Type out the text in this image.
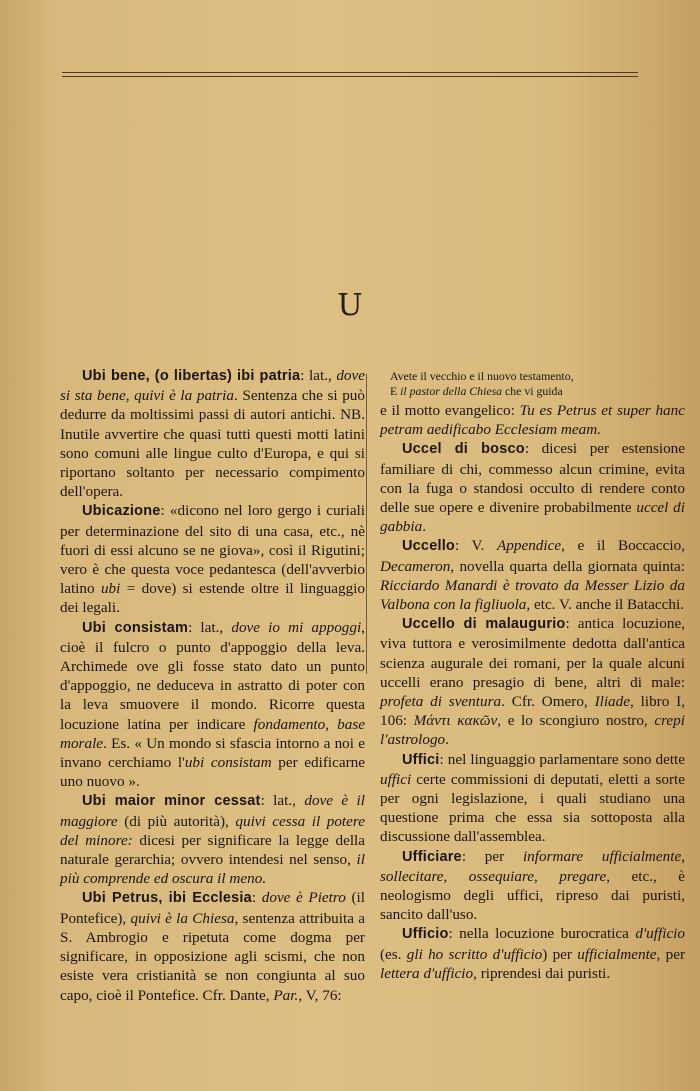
U

Ubi bene, (o libertas) ibi patria: lat., dove si sta bene, quivi è la patria. Sentenza che si può dedurre da moltissimi passi di autori antichi. NB. Inutile avvertire che quasi tutti questi motti latini sono comuni alle lingue culto d'Europa, e qui si riportano soltanto per necessario compimento dell'opera.

Ubicazione: «dicono nel loro gergo i curiali per determinazione del sito di una casa, etc., nè fuori di essi alcuno se ne giova», così il Rigutini; vero è che questa voce pedantesca (dell'avverbio latino ubi = dove) si estende oltre il linguaggio dei legali.

Ubi consistam: lat., dove io mi appoggi, cioè il fulcro o punto d'appoggio della leva. Archimede ove gli fosse stato dato un punto d'appoggio, ne deduceva in astratto di poter con la leva smuovere il mondo. Ricorre questa locuzione latina per indicare fondamento, base morale. Es. « Un mondo si sfascia intorno a noi e invano cerchiamo l'ubi consistam per edificarne uno nuovo ».

Ubi maior minor cessat: lat., dove è il maggiore (di più autorità), quivi cessa il potere del minore: dicesi per significare la legge della naturale gerarchia; ovvero intendesi nel senso, il più comprende ed oscura il meno.

Ubi Petrus, ibi Ecclesia: dove è Pietro (il Pontefice), quivi è la Chiesa, sentenza attribuita a S. Ambrogio e ripetuta come dogma per significare, in opposizione agli scismi, che non esiste vera cristianità se non congiunta al suo capo, cioè il Pontefice. Cfr. Dante, Par., V, 76:

Avete il vecchio e il nuovo testamento,
E il pastor della Chiesa che vi guida

e il motto evangelico: Tu es Petrus et super hanc petram aedificabo Ecclesiam meam.

Uccel di bosco: dicesi per estensione familiare di chi, commesso alcun crimine, evita con la fuga o standosi occulto di rendere conto delle sue opere e divenire probabilmente uccel di gabbia.

Uccello: V. Appendice, e il Boccaccio, Decameron, novella quarta della giornata quinta: Ricciardo Manardi è trovato da Messer Lizio da Valbona con la figliuola, etc. V. anche il Batacchi.

Uccello di malaugurio: antica locuzione, viva tuttora e verosimilmente dedotta dall'antica scienza augurale dei romani, per la quale alcuni uccelli erano presagio di bene, altri di male: profeta di sventura. Cfr. Omero, Iliade, libro I, 106: Μάντι κακῶν, e lo scongiuro nostro, crepi l'astrologo.

Uffici: nel linguaggio parlamentare sono dette uffici certe commissioni di deputati, eletti a sorte per ogni legislazione, i quali studiano una questione prima che essa sia sottoposta alla discussione dall'assemblea.

Ufficiare: per informare ufficialmente, sollecitare, ossequiare, pregare, etc., è neologismo degli uffici, ripreso dai puristi, sancito dall'uso.

Ufficio: nella locuzione burocratica d'ufficio (es. gli ho scritto d'ufficio) per ufficialmente, per lettera d'ufficio, riprendesi dai puristi.
